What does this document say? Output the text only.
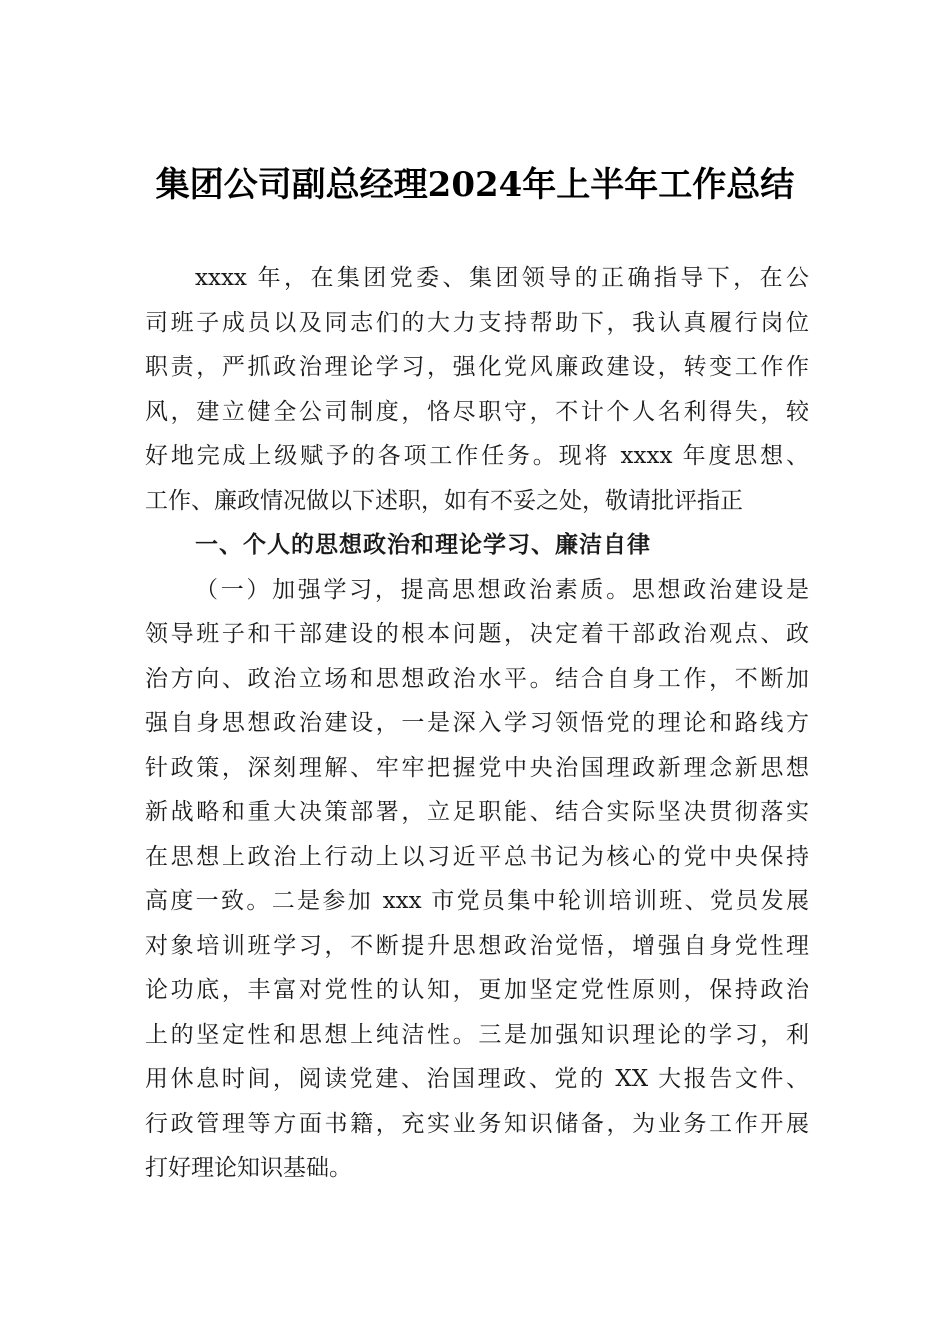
集团公司副总经理2024年上半年工作总结
xxxx 年，在集团党委、集团领导的正确指导下，在公
司班子成员以及同志们的大力支持帮助下，我认真履行岗位
职责，严抓政治理论学习，强化党风廉政建设，转变工作作
风，建立健全公司制度，恪尽职守，不计个人名利得失，较
好地完成上级赋予的各项工作任务。现将 xxxx 年度思想、
工作、廉政情况做以下述职，如有不妥之处，敬请批评指正
一、个人的思想政治和理论学习、廉洁自律
（一）加强学习，提高思想政治素质。思想政治建设是
领导班子和干部建设的根本问题，决定着干部政治观点、政
治方向、政治立场和思想政治水平。结合自身工作，不断加
强自身思想政治建设，一是深入学习领悟党的理论和路线方
针政策，深刻理解、牢牢把握党中央治国理政新理念新思想
新战略和重大决策部署，立足职能、结合实际坚决贯彻落实
在思想上政治上行动上以习近平总书记为核心的党中央保持
高度一致。二是参加 xxx 市党员集中轮训培训班、党员发展
对象培训班学习，不断提升思想政治觉悟，增强自身党性理
论功底，丰富对党性的认知，更加坚定党性原则，保持政治
上的坚定性和思想上纯洁性。三是加强知识理论的学习，利
用休息时间，阅读党建、治国理政、党的 XX 大报告文件、
行政管理等方面书籍，充实业务知识储备，为业务工作开展
打好理论知识基础。
